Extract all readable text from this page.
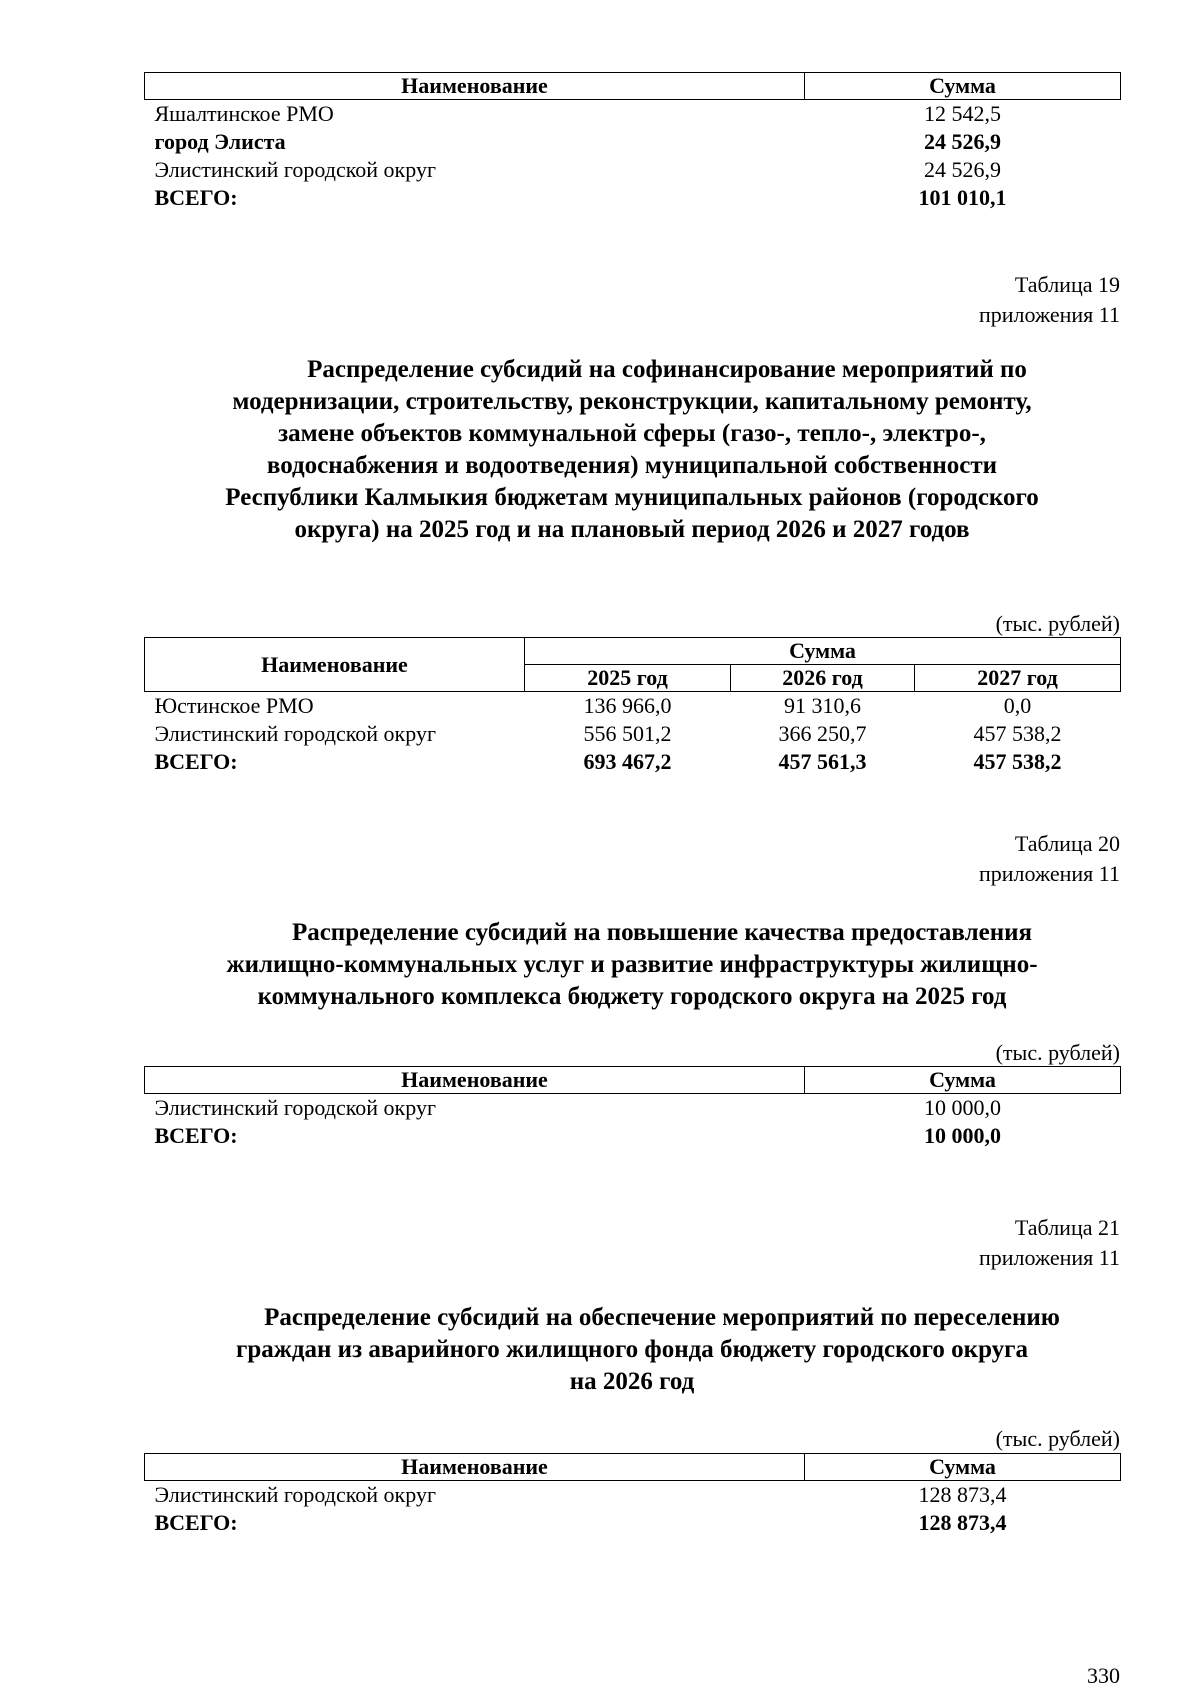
Наименование	Сумма
Яшалтинское РМО	12 542,5
город Элиста	24 526,9
Элистинский городской округ	24 526,9
ВСЕГО:	101 010,1
Таблица 19
приложения 11

Распределение субсидий на софинансирование мероприятий по

модернизации, строительству, реконструкции, капитальному ремонту,

замене объектов коммунальной сферы (газо-, тепло-, электро-,

водоснабжения и водоотведения) муниципальной собственности

Республики Калмыкия бюджетам муниципальных районов (городского

округа) на 2025 год и на плановый период 2026 и 2027 годов

(тыс. рублей)
Наименование	Сумма		
	2025 год	2026 год	2027 год
Юстинское РМО	136 966,0	91 310,6	0,0
Элистинский городской округ	556 501,2	366 250,7	457 538,2
ВСЕГО:	693 467,2	457 561,3	457 538,2
Таблица 20
приложения 11

Распределение субсидий на повышение качества предоставления

жилищно-коммунальных услуг и развитие инфраструктуры жилищно-

коммунального комплекса бюджету городского округа на 2025 год

(тыс. рублей)
Наименование	Сумма
Элистинский городской округ	10 000,0
ВСЕГО:	10 000,0
Таблица 21
приложения 11

Распределение субсидий на обеспечение мероприятий по переселению

граждан из аварийного жилищного фонда бюджету городского округа

на 2026 год

(тыс. рублей)
Наименование	Сумма
Элистинский городской округ	128 873,4
ВСЕГО:	128 873,4
330
